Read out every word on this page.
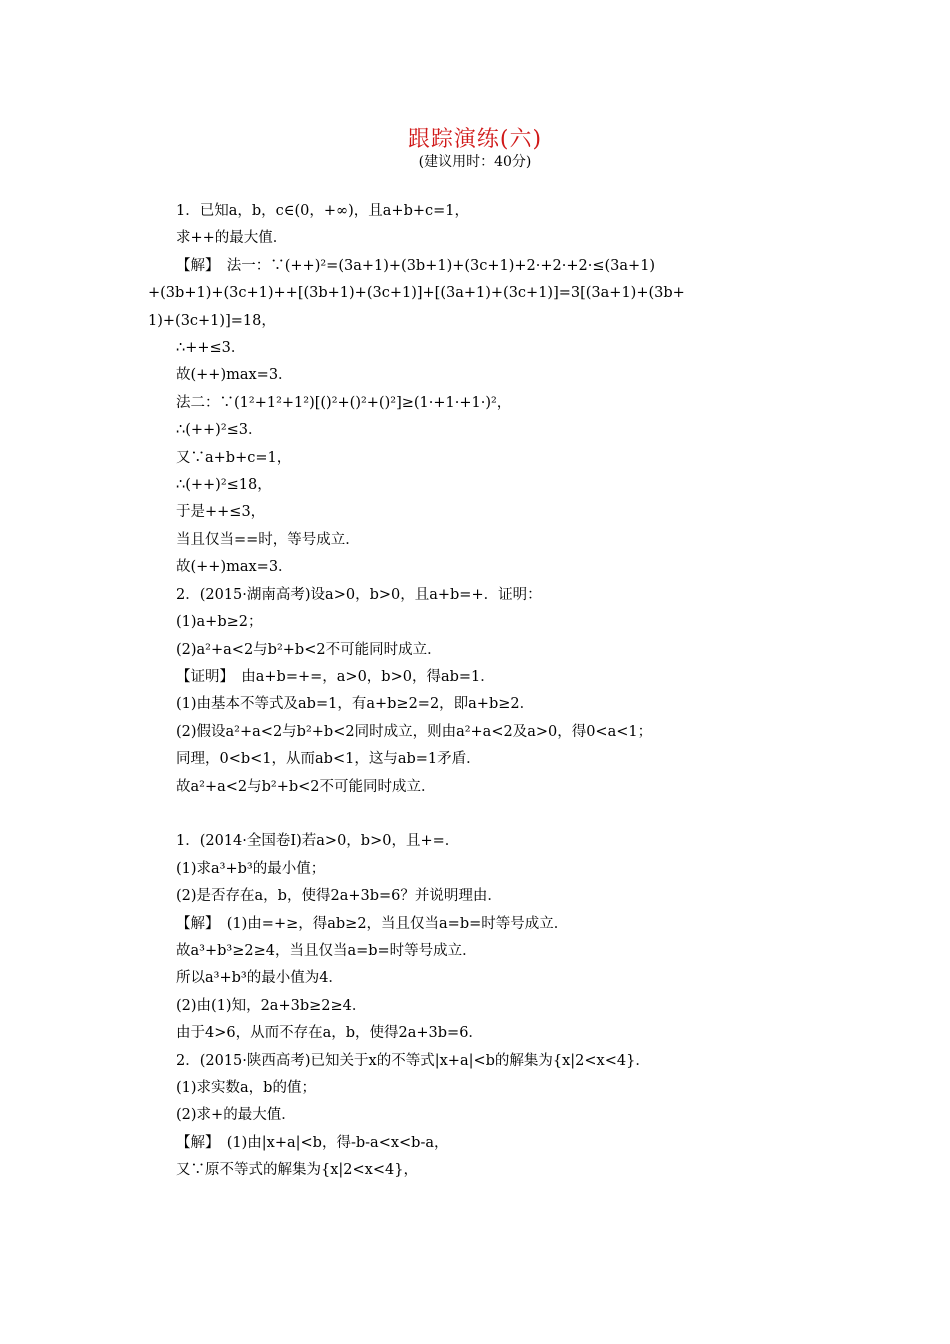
跟踪演练(六)
(建议用时：40分)
1．已知a，b，c∈(0，+∞)，且a+b+c=1，
求++的最大值．
【解】　法一：∵(++)²=(3a+1)+(3b+1)+(3c+1)+2·+2·+2·≤(3a+1)
+(3b+1)+(3c+1)++[(3b+1)+(3c+1)]+[(3a+1)+(3c+1)]=3[(3a+1)+(3b+
1)+(3c+1)]=18，
∴++≤3．
故(++)max=3．
法二：∵(1²+1²+1²)[()²+()²+()²]≥(1·+1·+1·)²，
∴(++)²≤3．
又∵a+b+c=1，
∴(++)²≤18，
于是++≤3，
当且仅当==时，等号成立．
故(++)max=3．
2．(2015·湖南高考)设a>0，b>0，且a+b=+．证明：
(1)a+b≥2；
(2)a²+a<2与b²+b<2不可能同时成立．
【证明】　由a+b=+=，a>0，b>0，得ab=1．
(1)由基本不等式及ab=1，有a+b≥2=2，即a+b≥2．
(2)假设a²+a<2与b²+b<2同时成立，则由a²+a<2及a>0，得0<a<1；
同理，0<b<1，从而ab<1，这与ab=1矛盾．
故a²+a<2与b²+b<2不可能同时成立．
1．(2014·全国卷Ⅰ)若a>0，b>0，且+=．
(1)求a³+b³的最小值；
(2)是否存在a，b，使得2a+3b=6？并说明理由．
【解】　(1)由=+≥，得ab≥2，当且仅当a=b=时等号成立．
故a³+b³≥2≥4，当且仅当a=b=时等号成立．
所以a³+b³的最小值为4．
(2)由(1)知，2a+3b≥2≥4．
由于4>6，从而不存在a，b，使得2a+3b=6．
2．(2015·陕西高考)已知关于x的不等式|x+a|<b的解集为{x|2<x<4}．
(1)求实数a，b的值；
(2)求+的最大值．
【解】　(1)由|x+a|<b，得-b-a<x<b-a，
又∵原不等式的解集为{x|2<x<4}，
